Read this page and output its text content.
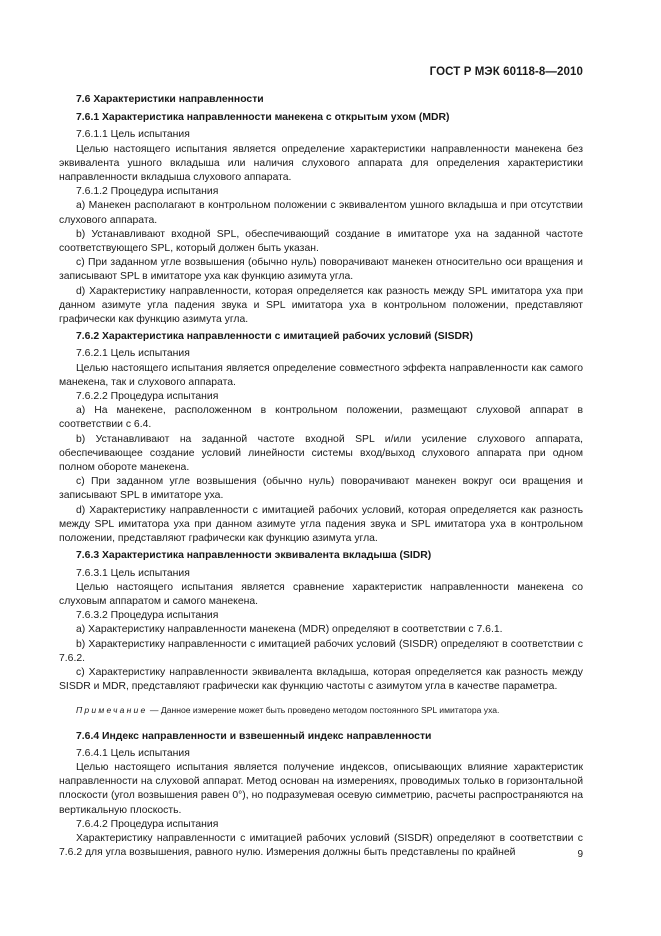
ГОСТ Р МЭК 60118-8—2010

7.6 Характеристики направленности

7.6.1 Характеристика направленности манекена с открытым ухом (MDR)

7.6.1.1 Цель испытания

Целью настоящего испытания является определение характеристики направленности манекена без эквивалента ушного вкладыша или наличия слухового аппарата для определения характеристики направленности вкладыша слухового аппарата.

7.6.1.2 Процедура испытания

a) Манекен располагают в контрольном положении с эквивалентом ушного вкладыша и при отсутствии слухового аппарата.

b) Устанавливают входной SPL, обеспечивающий создание в имитаторе уха на заданной частоте соответствующего SPL, который должен быть указан.

c) При заданном угле возвышения (обычно нуль) поворачивают манекен относительно оси вращения и записывают SPL в имитаторе уха как функцию азимута угла.

d) Характеристику направленности, которая определяется как разность между SPL имитатора уха при данном азимуте угла падения звука и SPL имитатора уха в контрольном положении, представляют графически как функцию азимута угла.

7.6.2 Характеристика направленности с имитацией рабочих условий (SISDR)

7.6.2.1 Цель испытания

Целью настоящего испытания является определение совместного эффекта направленности как самого манекена, так и слухового аппарата.

7.6.2.2 Процедура испытания

a) На манекене, расположенном в контрольном положении, размещают слуховой аппарат в соответствии с 6.4.

b) Устанавливают на заданной частоте входной SPL и/или усиление слухового аппарата, обеспечивающее создание условий линейности системы вход/выход слухового аппарата при одном полном обороте манекена.

c) При заданном угле возвышения (обычно нуль) поворачивают манекен вокруг оси вращения и записывают SPL в имитаторе уха.

d) Характеристику направленности с имитацией рабочих условий, которая определяется как разность между SPL имитатора уха при данном азимуте угла падения звука и SPL имитатора уха в контрольном положении, представляют графически как функцию азимута угла.

7.6.3 Характеристика направленности эквивалента вкладыша (SIDR)

7.6.3.1 Цель испытания

Целью настоящего испытания является сравнение характеристик направленности манекена со слуховым аппаратом и самого манекена.

7.6.3.2 Процедура испытания

a) Характеристику направленности манекена (MDR) определяют в соответствии с 7.6.1.

b) Характеристику направленности с имитацией рабочих условий (SISDR) определяют в соответствии с 7.6.2.

c) Характеристику направленности эквивалента вкладыша, которая определяется как разность между SISDR и MDR, представляют графически как функцию частоты с азимутом угла в качестве параметра.

Примечание — Данное измерение может быть проведено методом постоянного SPL имитатора уха.

7.6.4 Индекс направленности и взвешенный индекс направленности

7.6.4.1 Цель испытания

Целью настоящего испытания является получение индексов, описывающих влияние характеристик направленности на слуховой аппарат. Метод основан на измерениях, проводимых только в горизонтальной плоскости (угол возвышения равен 0°), но подразумевая осевую симметрию, расчеты распространяются на вертикальную плоскость.

7.6.4.2 Процедура испытания

Характеристику направленности с имитацией рабочих условий (SISDR) определяют в соответствии с 7.6.2 для угла возвышения, равного нулю. Измерения должны быть представлены по крайней	9
